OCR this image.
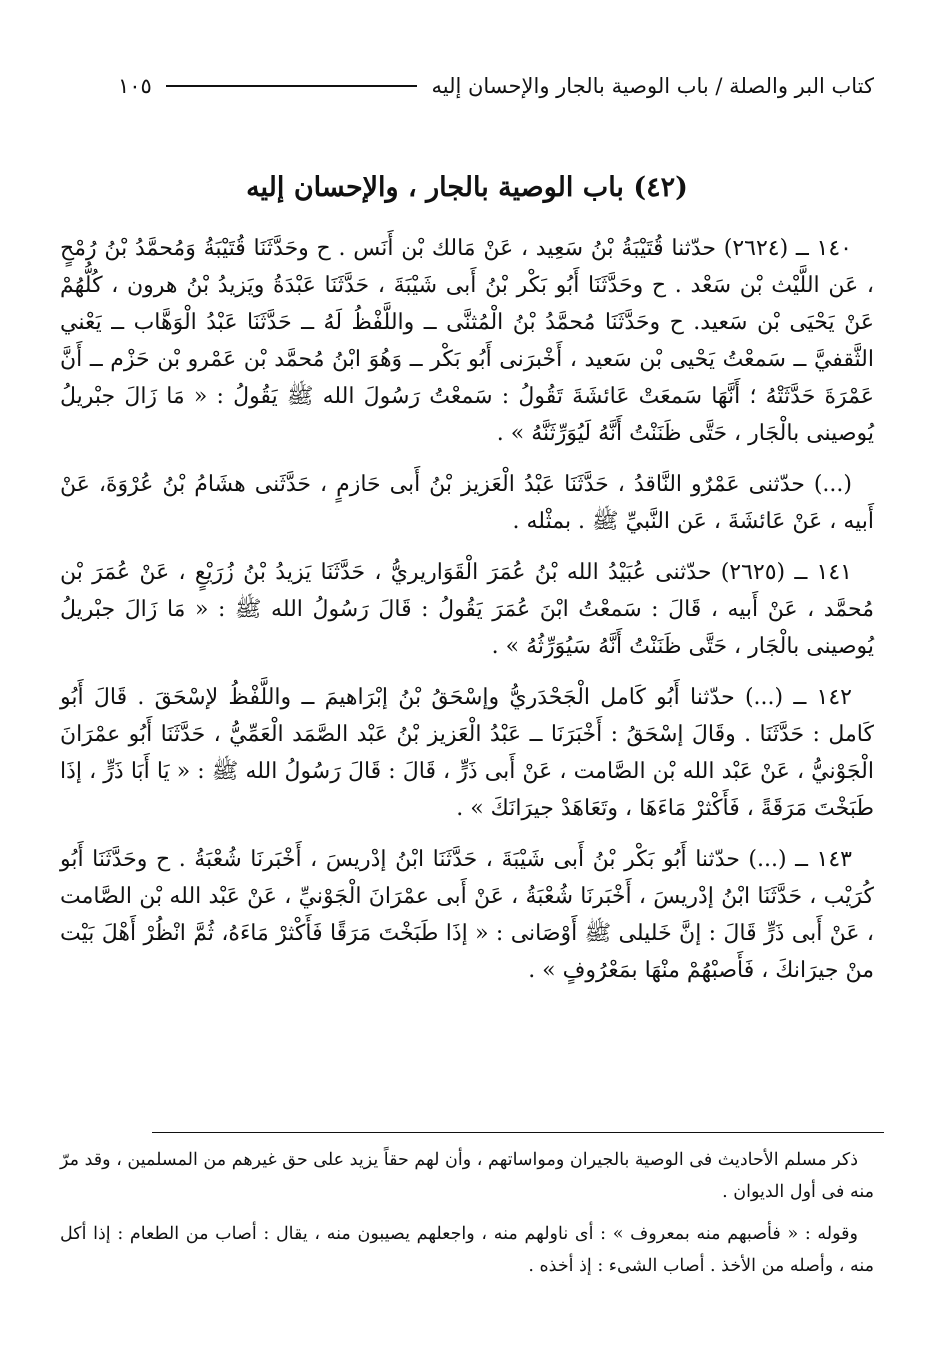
كتاب البر والصلة / باب الوصية بالجار والإحسان إليه
١٠٥
(٤٢) باب الوصية بالجار ، والإحسان إليه

١٤٠ ــ (٢٦٢٤) حدّثنا قُتَيْبَةُ بْنُ سَعِيد ، عَنْ مَالك بْن أَنَس . ح وحَدَّثَنَا قُتَيْبَةُ وَمُحمَّدُ بْنُ رُمْحٍ ، عَن اللَّيْث بْن سَعْد . ح وحَدَّثَنَا أَبُو بَكْر بْنُ أَبى شَيْبَةَ ، حَدَّثَنَا عَبْدَةُ ويَزيدُ بْنُ هرون ، كُلُّهُمْ عَنْ يَحْيَى بْن سَعيد. ح وحَدَّثَنَا مُحمَّدُ بْنُ الْمُثنَّى ــ واللَّفْظُ لَهُ ــ حَدَّثَنَا عَبْدُ الْوَهَّاب ــ يَعْني الثَّقفيَّ ــ سَمعْتُ يَحْيى بْن سَعيد ، أَخْبرَنى أَبُو بَكْر ــ وَهُوَ ابْنُ مُحمَّد بْن عَمْرو بْن حَزْم ــ أَنَّ عَمْرَةَ حَدَّثَتْهُ ؛ أَنَّهَا سَمعَتْ عَائشَةَ تَقُولُ : سَمعْتُ رَسُولَ الله ﷺ يَقُولُ : « مَا زَالَ جبْريلُ يُوصينى بالْجَار ، حَتَّى ظَنَنْتُ أَنَّهُ لَيُوَرِّثَنَّهُ » .

(...) حدّثنى عَمْرٌو النَّاقدُ ، حَدَّثَنَا عَبْدُ الْعَزيز بْنُ أَبى حَازمٍ ، حَدَّثَنى هشَامُ بْنُ عُرْوَةَ، عَنْ أَبيه ، عَنْ عَائشَةَ ، عَن النَّبيِّ ﷺ . بمثْله .

١٤١ ــ (٢٦٢٥) حدّثنى عُبَيْدُ الله بْنُ عُمَرَ الْقَوَاريريُّ ، حَدَّثَنَا يَزيدُ بْنُ زُرَيْعٍ ، عَنْ عُمَرَ بْن مُحمَّد ، عَنْ أَبيه ، قَالَ : سَمعْتُ ابْنَ عُمَرَ يَقُولُ : قَالَ رَسُولُ الله ﷺ : « مَا زَالَ جبْريلُ يُوصينى بالْجَار ، حَتَّى ظَنَنْتُ أَنَّهُ سَيُوَرِّثُهُ » .

١٤٢ ــ (...) حدّثنا أَبُو كَامل الْجَحْدَريُّ وإسْحَقُ بْنُ إبْرَاهيمَ ــ واللَّفْظُ لإسْحَقَ . قَالَ أَبُو كَامل : حَدَّثَنَا . وقَالَ إسْحَقُ : أَخْبَرَنَا ــ عَبْدُ الْعَزيز بْنُ عَبْد الصَّمَد الْعَمِّيُّ ، حَدَّثَنَا أَبُو عمْرَانَ الْجَوْنيُّ ، عَنْ عَبْد الله بْن الصَّامت ، عَنْ أَبى ذَرٍّ ، قَالَ : قَالَ رَسُولُ الله ﷺ : « يَا أَبَا ذَرٍّ ، إذَا طَبَخْتَ مَرَقَةً ، فَأَكْثرْ مَاءَهَا ، وتَعَاهَدْ جيرَانَكَ » .

١٤٣ ــ (...) حدّثنا أَبُو بَكْر بْنُ أَبى شَيْبَةَ ، حَدَّثَنَا ابْنُ إدْريسَ ، أَخْبَرنَا شُعْبَةُ . ح وحَدَّثَنَا أَبُو كُرَيْب ، حَدَّثَنَا ابْنُ إدْريسَ ، أَخْبَرنَا شُعْبَةُ ، عَنْ أَبى عمْرَانَ الْجَوْنيِّ ، عَنْ عَبْد الله بْن الصَّامت ، عَنْ أَبى ذَرٍّ قَالَ : إنَّ خَليلى ﷺ أَوْصَانى : « إذَا طَبَخْتَ مَرَقًا فَأَكْثرْ مَاءَهُ، ثُمَّ انْظُرْ أَهْلَ بَيْت منْ جيرَانكَ ، فَأَصبْهُمْ منْهَا بمَعْرُوفٍ » .

ذكر مسلم الأحاديث فى الوصية بالجيران ومواساتهم ، وأن لهم حقاً يزيد على حق غيرهم من المسلمين ، وقد مرّ منه فى أول الديوان .

وقوله : « فأصبهم منه بمعروف » : أى ناولهم منه ، واجعلهم يصيبون منه ، يقال : أصاب من الطعام : إذا أكل منه ، وأصله من الأخذ . أصاب الشىء : إذ أخذه .
